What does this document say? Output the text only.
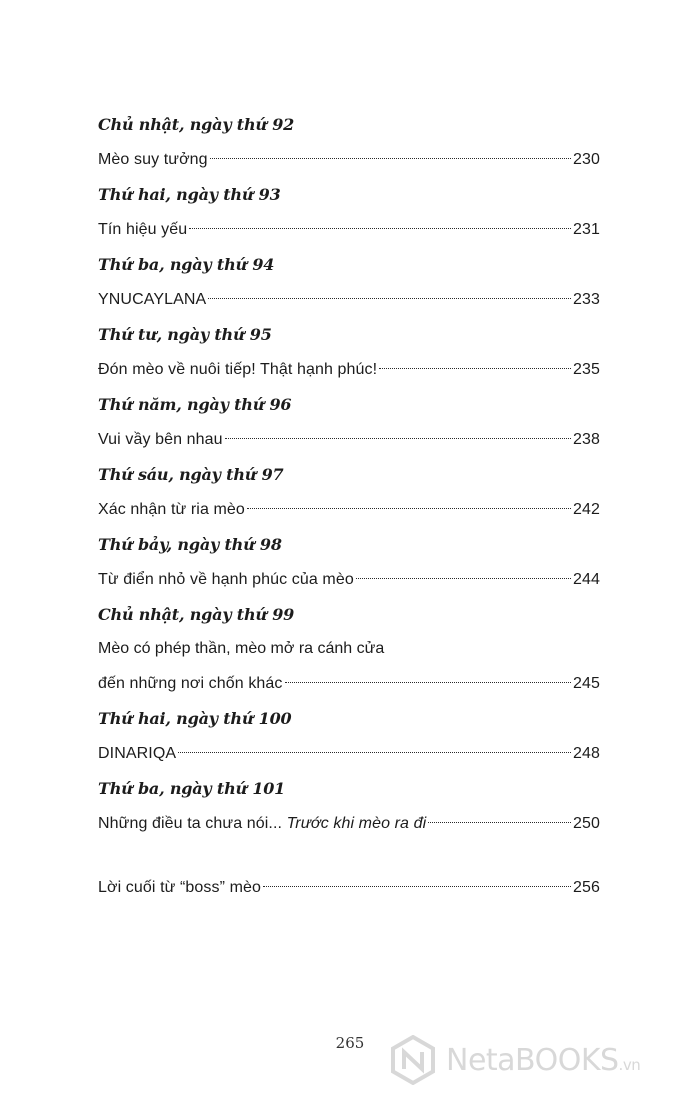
Chủ nhật, ngày thứ 92
Mèo suy tưởng	230
Thứ hai, ngày thứ 93
Tín hiệu yếu	231
Thứ ba, ngày thứ 94
YNUCAYLANA	233
Thứ tư, ngày thứ 95
Đón mèo về nuôi tiếp! Thật hạnh phúc!	235
Thứ năm, ngày thứ 96
Vui vầy bên nhau	238
Thứ sáu, ngày thứ 97
Xác nhận từ ria mèo	242
Thứ bảy, ngày thứ 98
Từ điển nhỏ về hạnh phúc của mèo	244
Chủ nhật, ngày thứ 99
Mèo có phép thần, mèo mở ra cánh cửa
đến những nơi chốn khác	245
Thứ hai, ngày thứ 100
DINARIQA	248
Thứ ba, ngày thứ 101
Những điều ta chưa nói... Trước khi mèo ra đi	250
Lời cuối từ “boss” mèo	256
265	NetaBOOKS.vn
